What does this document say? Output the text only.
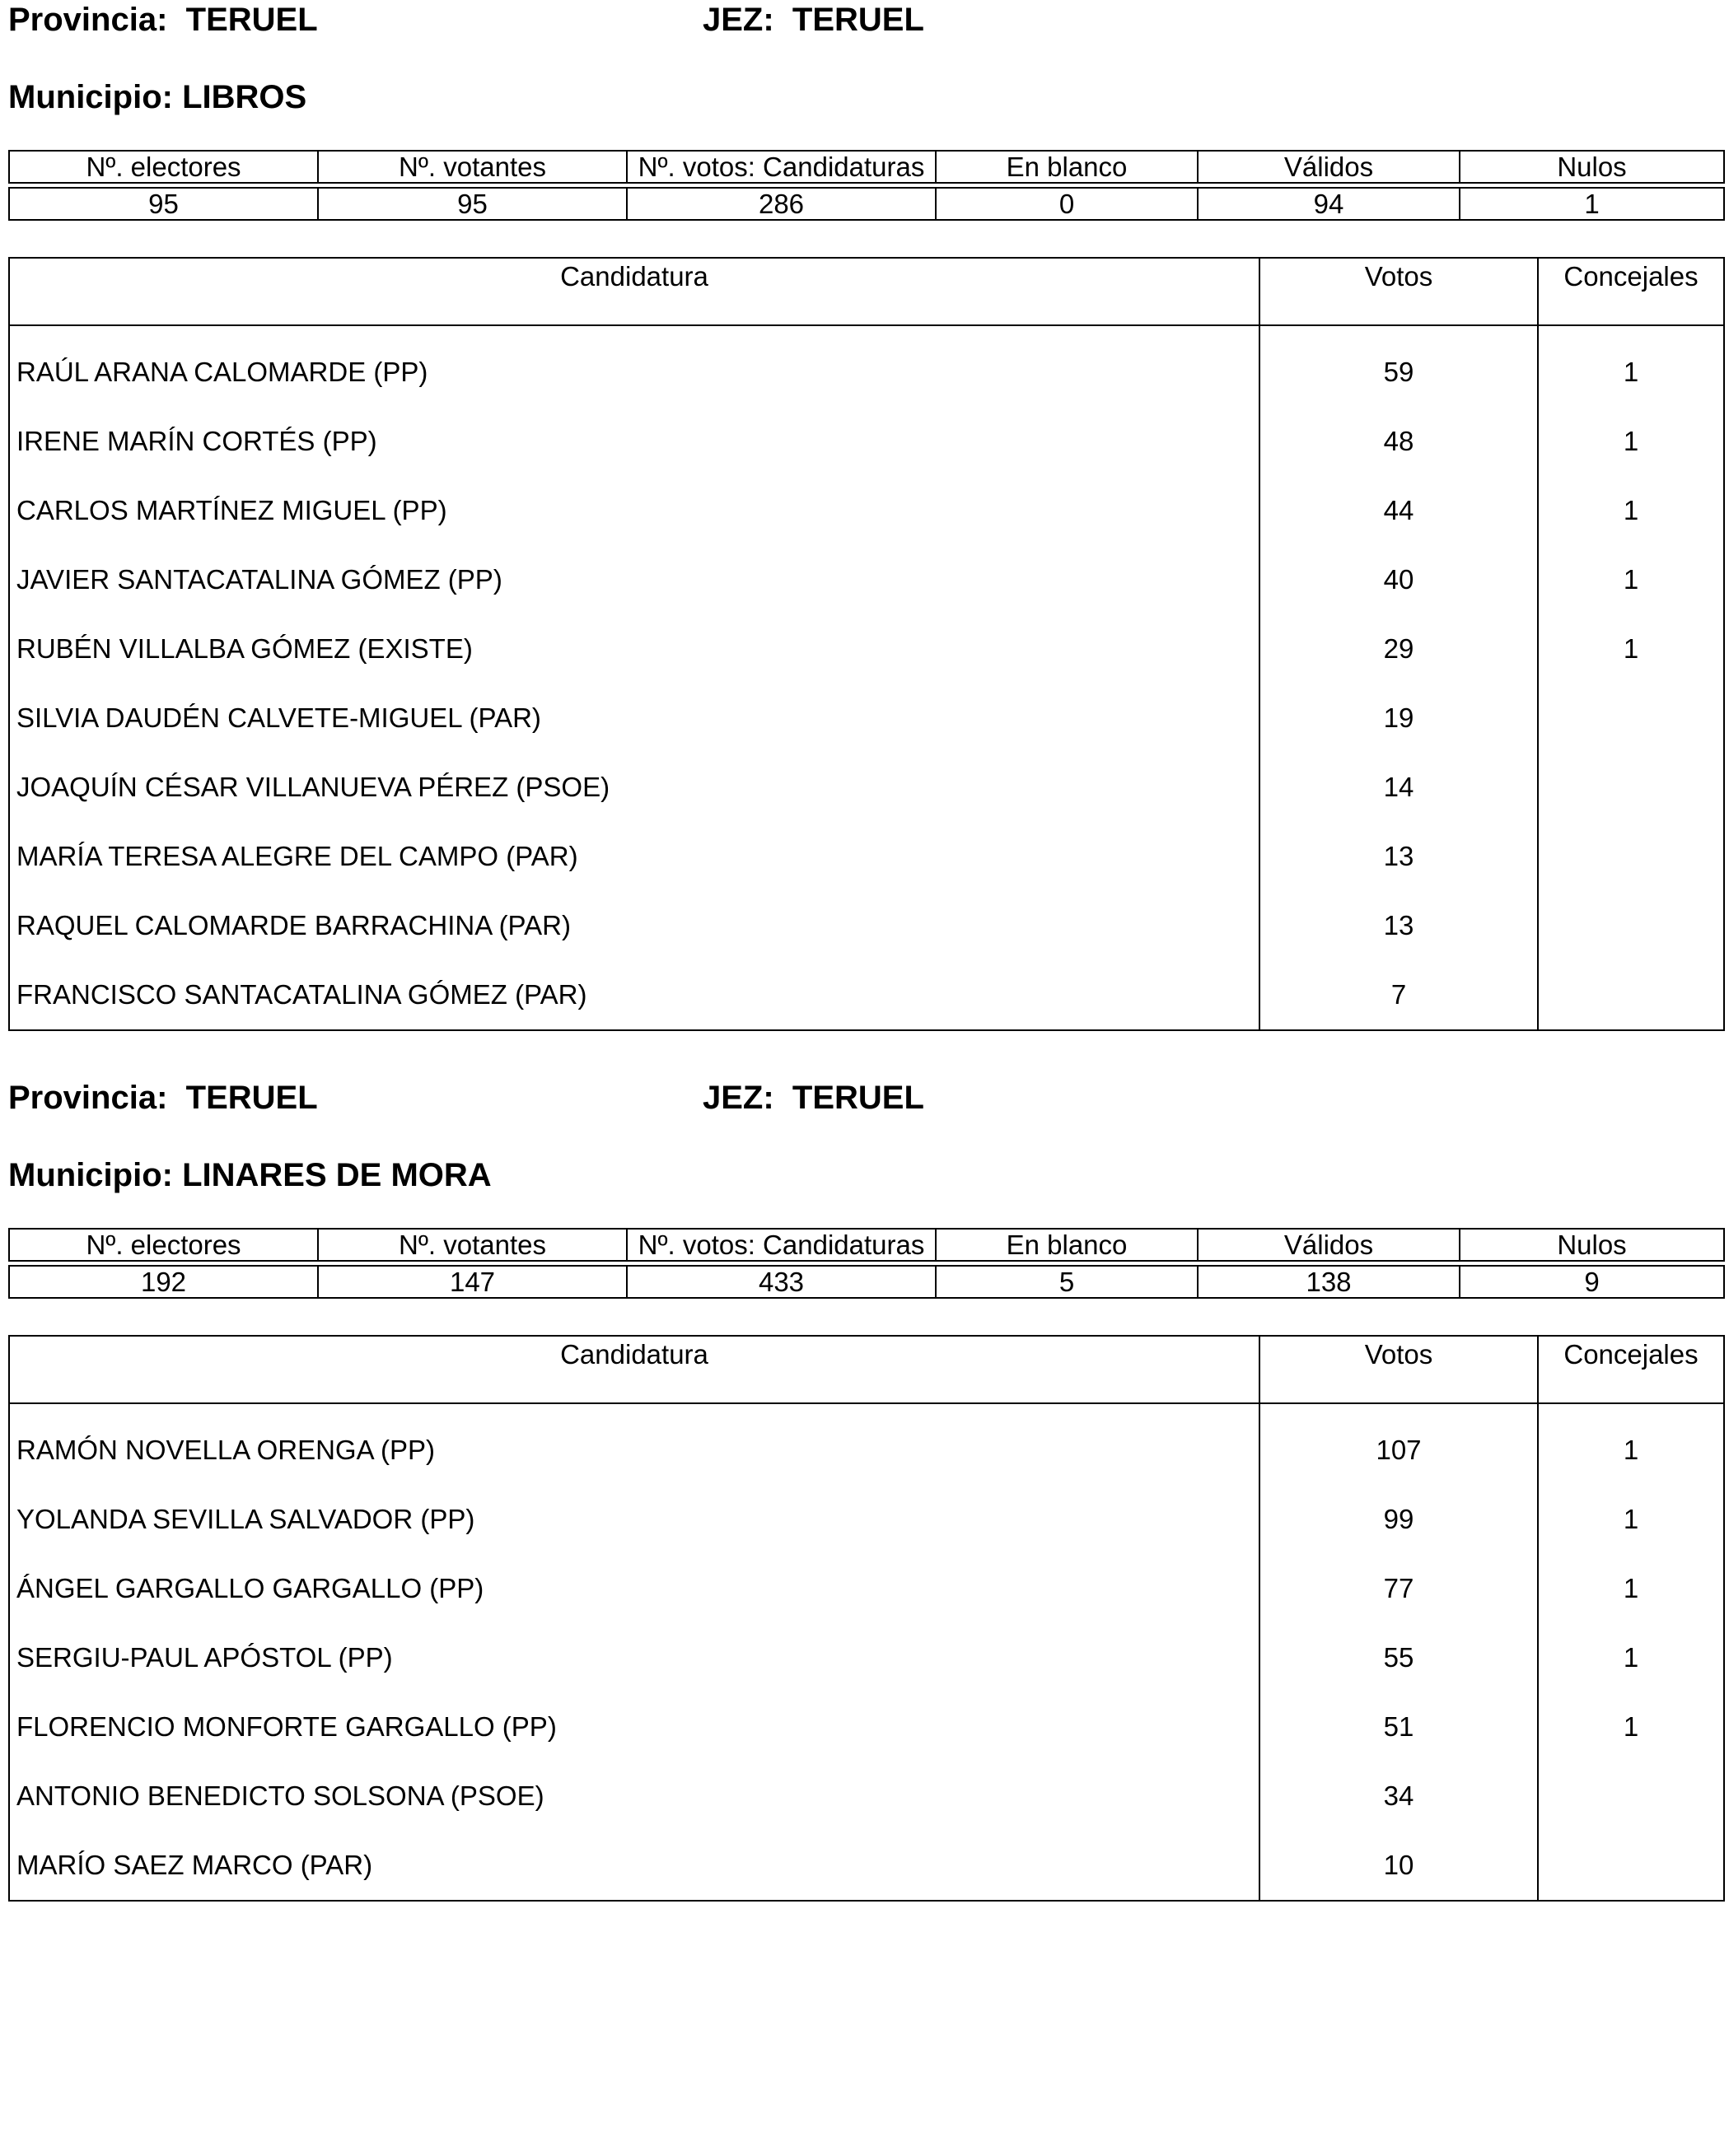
Provincia: TERUEL	JEZ: TERUEL
Municipio: LIBROS
Nº. electores	Nº. votantes	Nº. votos: Candidaturas	En blanco	Válidos	Nulos

95	95	286	0	94	1
Candidatura	Votos	Concejales
RAÚL ARANA CALOMARDE (PP)	59	1
IRENE MARÍN CORTÉS (PP)	48	1
CARLOS MARTÍNEZ MIGUEL (PP)	44	1
JAVIER SANTACATALINA GÓMEZ (PP)	40	1
RUBÉN VILLALBA GÓMEZ (EXISTE)	29	1
SILVIA DAUDÉN CALVETE-MIGUEL (PAR)	19	
JOAQUÍN CÉSAR VILLANUEVA PÉREZ (PSOE)	14	
MARÍA TERESA ALEGRE DEL CAMPO (PAR)	13	
RAQUEL CALOMARDE BARRACHINA (PAR)	13	
FRANCISCO SANTACATALINA GÓMEZ (PAR)	7	
Provincia: TERUEL	JEZ: TERUEL
Municipio: LINARES DE MORA
Nº. electores	Nº. votantes	Nº. votos: Candidaturas	En blanco	Válidos	Nulos

192	147	433	5	138	9
Candidatura	Votos	Concejales
RAMÓN NOVELLA ORENGA (PP)	107	1
YOLANDA SEVILLA SALVADOR (PP)	99	1
ÁNGEL GARGALLO GARGALLO (PP)	77	1
SERGIU-PAUL APÓSTOL (PP)	55	1
FLORENCIO MONFORTE GARGALLO (PP)	51	1
ANTONIO BENEDICTO SOLSONA (PSOE)	34	
MARÍO SAEZ MARCO (PAR)	10	
